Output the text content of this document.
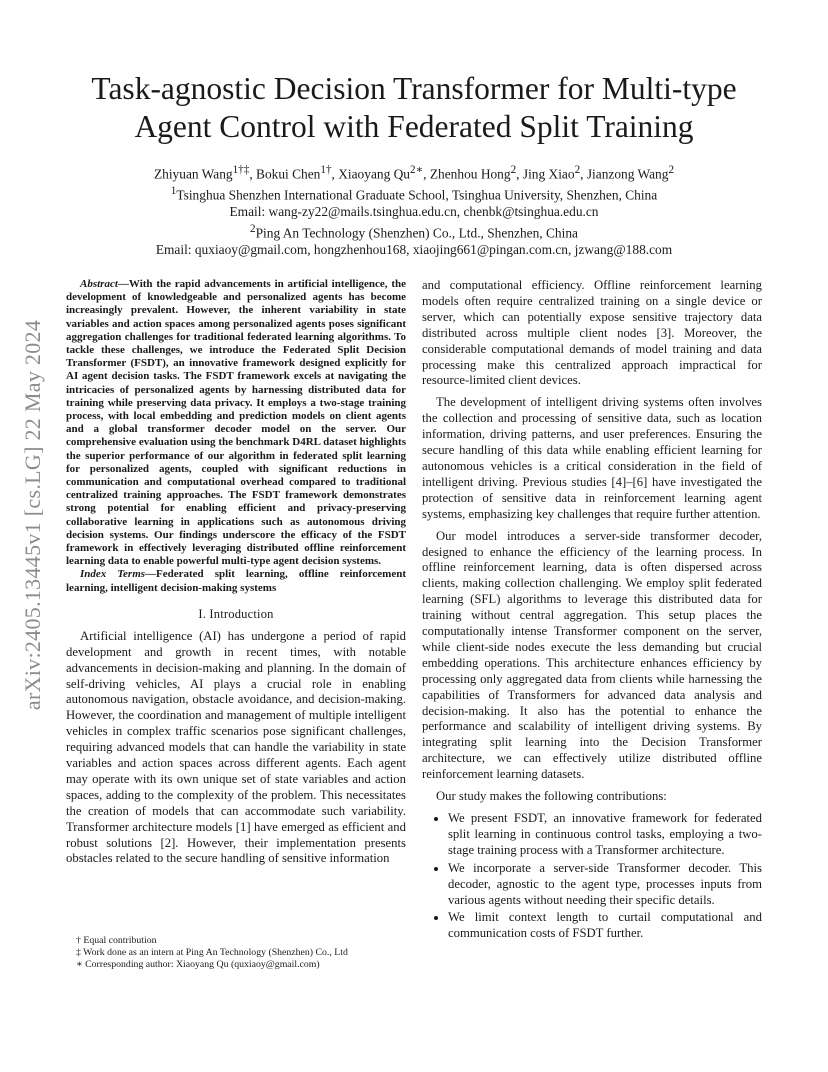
arXiv:2405.13445v1 [cs.LG] 22 May 2024
Task-agnostic Decision Transformer for Multi-type
Agent Control with Federated Split Training
Zhiyuan Wang$^{1\dagger\ddagger}$, Bokui Chen$^{1\dagger}$, Xiaoyang $Qu^{2∗}$, Zhenhou Hong$^2$, Jing Xiao$^2$, Jianzong Wang$^2$
$^1$Tsinghua Shenzhen International Graduate School, Tsinghua University, Shenzhen, China
Email: wang-zy22@mails.tsinghua.edu.cn, chenbk@tsinghua.edu.cn
$^2$Ping An Technology (Shenzhen) Co., Ltd., Shenzhen, China
Email: quxiaoy@gmail.com, hongzhenhou168, xiaojing661@pingan.com.cn, jzwang@188.com

Abstract—With the rapid advancements in artificial intelligence, the development of knowledgeable and personalized agents has become increasingly prevalent. However, the inherent variability in state variables and action spaces among personalized agents poses significant aggregation challenges for traditional federated learning algorithms. To tackle these challenges, we introduce the Federated Split Decision Transformer (FSDT), an innovative framework designed explicitly for AI agent decision tasks. The FSDT framework excels at navigating the intricacies of personalized agents by harnessing distributed data for training while preserving data privacy. It employs a two-stage training process, with local embedding and prediction models on client agents and a global transformer decoder model on the server. Our comprehensive evaluation using the benchmark D4RL dataset highlights the superior performance of our algorithm in federated split learning for personalized agents, coupled with significant reductions in communication and computational overhead compared to traditional centralized training approaches. The FSDT framework demonstrates strong potential for enabling efficient and privacy-preserving collaborative learning in applications such as autonomous driving decision systems. Our findings underscore the efficacy of the FSDT framework in effectively leveraging distributed offline reinforcement learning data to enable powerful multi-type agent decision systems.

Index Terms—Federated split learning, offline reinforcement learning, intelligent decision-making systems

I. Introduction

Artificial intelligence (AI) has undergone a period of rapid development and growth in recent times, with notable advancements in decision-making and planning. In the domain of self-driving vehicles, AI plays a crucial role in enabling autonomous navigation, obstacle avoidance, and decision-making. However, the coordination and management of multiple intelligent vehicles in complex traffic scenarios pose significant challenges, requiring advanced models that can handle the variability in state variables and action spaces across different agents. Each agent may operate with its own unique set of state variables and action spaces, adding to the complexity of the problem. This necessitates the creation of models that can accommodate such variability. Transformer architecture models [1] have emerged as efficient and robust solutions [2]. However, their implementation presents obstacles related to the secure handling of sensitive information

and computational efficiency. Offline reinforcement learning models often require centralized training on a single device or server, which can potentially expose sensitive trajectory data distributed across multiple client nodes [3]. Moreover, the considerable computational demands of model training and data processing make this centralized approach impractical for resource-limited client devices.

The development of intelligent driving systems often involves the collection and processing of sensitive data, such as location information, driving patterns, and user preferences. Ensuring the secure handling of this data while enabling efficient learning for autonomous vehicles is a critical consideration in the field of intelligent driving. Previous studies [4]–[6] have investigated the protection of sensitive data in reinforcement learning agent systems, emphasizing key challenges that require further attention.

Our model introduces a server-side transformer decoder, designed to enhance the efficiency of the learning process. In offline reinforcement learning, data is often dispersed across clients, making collection challenging. We employ split federated learning (SFL) algorithms to leverage this distributed data for training without central aggregation. This setup places the computationally intense Transformer component on the server, while client-side nodes execute the less demanding but crucial embedding operations. This architecture enhances efficiency by processing only aggregated data from clients while harnessing the capabilities of Transformers for advanced data analysis and decision-making. It also has the potential to enhance the performance and scalability of intelligent driving systems. By integrating split learning into the Decision Transformer architecture, we can effectively utilize distributed offline reinforcement learning datasets.

Our study makes the following contributions:

• We present FSDT, an innovative framework for federated split learning in continuous control tasks, employing a two-stage training process with a Transformer architecture.
• We incorporate a server-side Transformer decoder. This decoder, agnostic to the agent type, processes inputs from various agents without needing their specific details.
• We limit context length to curtail computational and communication costs of FSDT further.
† Equal contribution
‡ Work done as an intern at Ping An Technology (Shenzhen) Co., Ltd
∗ Corresponding author: Xiaoyang Qu (quxiaoy@gmail.com)
